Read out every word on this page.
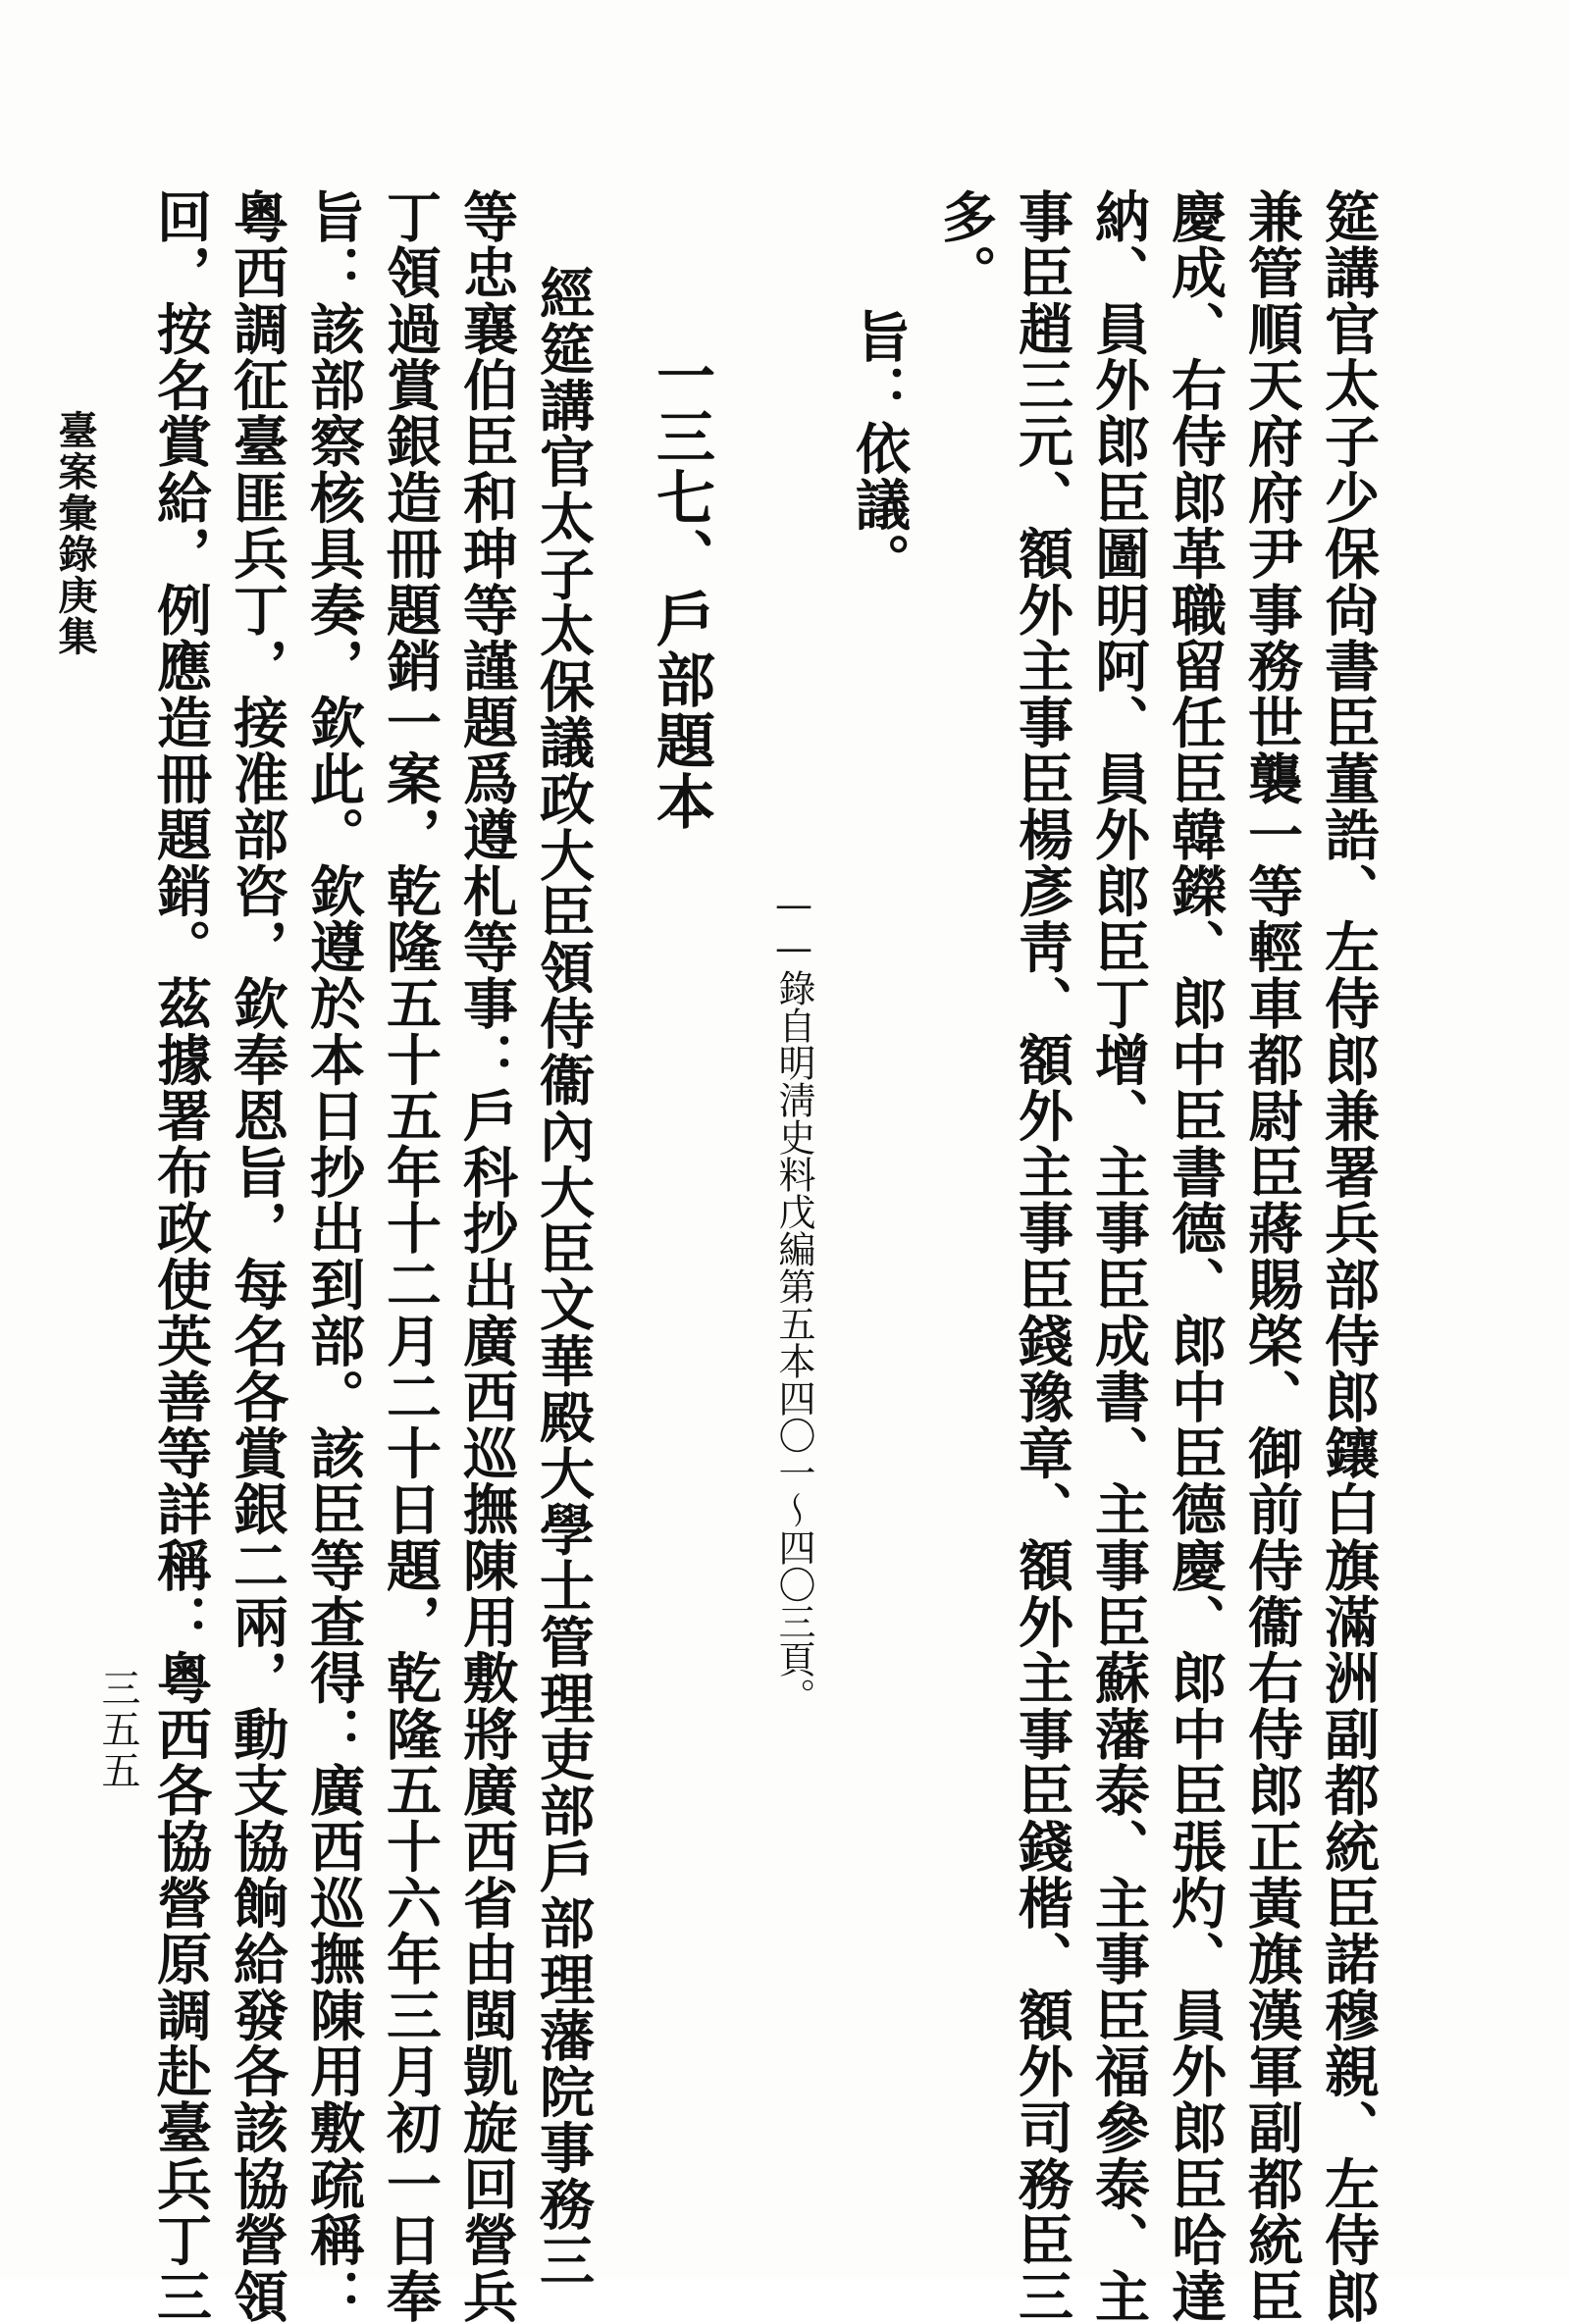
筵講官太子少保尙書臣董誥、左侍郎兼署兵部侍郎鑲白旗滿洲副都統臣諾穆親、左侍郎
兼管順天府府尹事務世襲一等輕車都尉臣蔣賜棨、御前侍衞右侍郎正黃旗漢軍副都統臣
慶成、右侍郎革職留任臣韓鑅、郎中臣書德、郎中臣德慶、郎中臣張灼、員外郎臣哈達
納、員外郎臣圖明阿、員外郎臣丁增、主事臣成書、主事臣蘇藩泰、主事臣福參泰、主
事臣趙三元、額外主事臣楊彥靑、額外主事臣錢豫章、額外主事臣錢楷、額外司務臣三
多。
旨：依議。
——錄自明淸史料戊編第五本四〇一～四〇三頁。
一三七、戶部題本
經筵講官太子太保議政大臣領侍衞內大臣文華殿大學士管理吏部戶部理藩院事務三
等忠襄伯臣和珅等謹題爲遵札等事：戶科抄出廣西巡撫陳用敷將廣西省由閩凱旋回營兵
丁領過賞銀造冊題銷一案，乾隆五十五年十二月二十日題，乾隆五十六年三月初一日奉
旨：該部察核具奏，欽此。欽遵於本日抄出到部。該臣等查得：廣西巡撫陳用敷疏稱：
粵西調征臺匪兵丁，接准部咨，欽奉恩旨，每名各賞銀二兩，動支協餉給發各該協營領
回，按名賞給，例應造冊題銷。茲據署布政使英善等詳稱：粵西各協營原調赴臺兵丁三
臺案彙錄庚集
三五五
